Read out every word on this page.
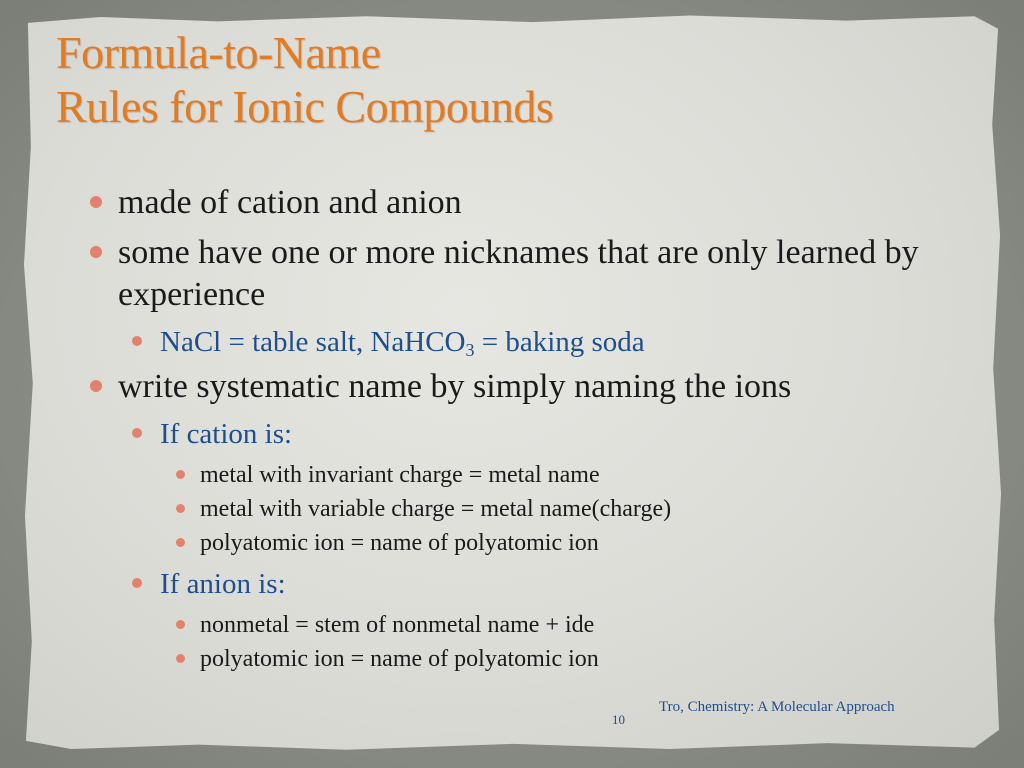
Formula-to-Name
Rules for Ionic Compounds
made of cation and anion
some have one or more nicknames that are only learned by experience
NaCl = table salt, NaHCO$_3$ = baking soda
write systematic name by simply naming the ions
If cation is:
metal with invariant charge = metal name
metal with variable charge = metal name(charge)
polyatomic ion = name of polyatomic ion
If anion is:
nonmetal = stem of nonmetal name + ide
polyatomic ion = name of polyatomic ion
10
Tro, Chemistry: A Molecular Approach
